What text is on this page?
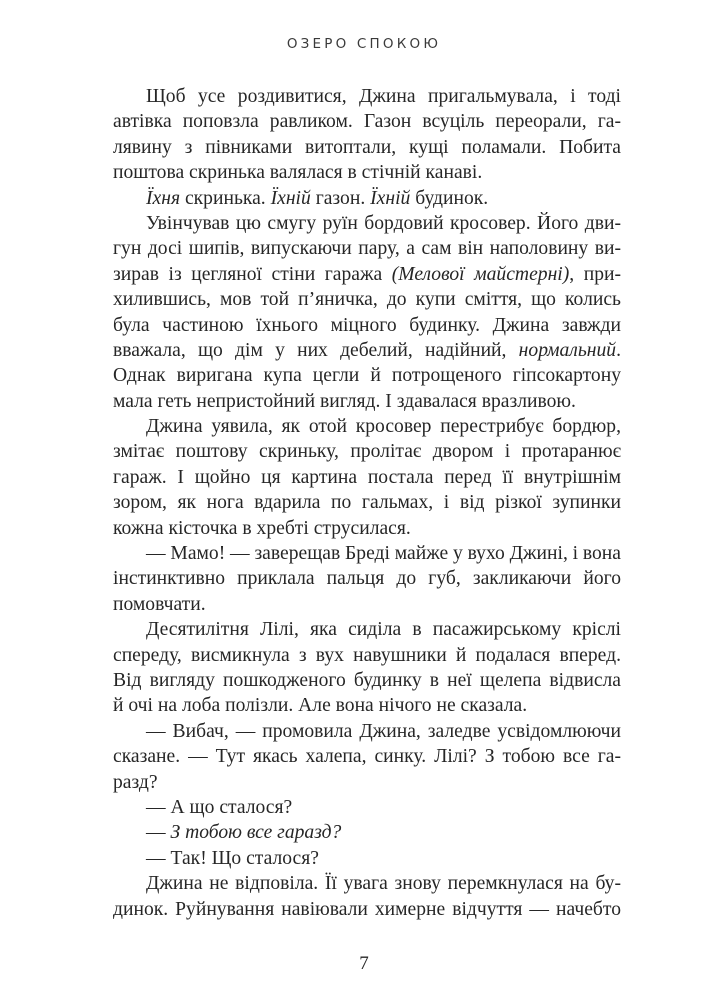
ОЗЕРО СПОКОЮ
Щоб усе роздивитися, Джина пригальмувала, і тоді
автівка поповзла равликом. Газон всуціль переорали, га-
лявину з півниками витоптали, кущі поламали. Побита
поштова скринька валялася в стічній канаві.
Їхня скринька. Їхній газон. Їхній будинок.
Увінчував цю смугу руїн бордовий кросовер. Його дви-
гун досі шипів, випускаючи пару, а сам він наполовину ви-
зирав із цегляної стіни гаража (Мелової майстерні), при-
хилившись, мов той п’яничка, до купи сміття, що колись
була частиною їхнього міцного будинку. Джина завжди
вважала, що дім у них дебелий, надійний, нормальний.
Однак виригана купа цегли й потрощеного гіпсокартону
мала геть непристойний вигляд. І здавалася вразливою.
Джина уявила, як отой кросовер перестрибує бордюр,
змітає поштову скриньку, пролітає двором і протаранює
гараж. І щойно ця картина постала перед її внутрішнім
зором, як нога вдарила по гальмах, і від різкої зупинки
кожна кісточка в хребті струсилася.
— Мамо! — заверещав Бреді майже у вухо Джині, і вона
інстинктивно приклала пальця до губ, закликаючи його
помовчати.
Десятилітня Лілі, яка сиділа в пасажирському кріслі
спереду, висмикнула з вух навушники й подалася вперед.
Від вигляду пошкодженого будинку в неї щелепа відвисла
й очі на лоба полізли. Але вона нічого не сказала.
— Вибач, — промовила Джина, заледве усвідомлюючи
сказане. — Тут якась халепа, синку. Лілі? З тобою все га-
разд?
— А що сталося?
— З тобою все гаразд?
— Так! Що сталося?
Джина не відповіла. Її увага знову перемкнулася на бу-
динок. Руйнування навіювали химерне відчуття — начебто
7
